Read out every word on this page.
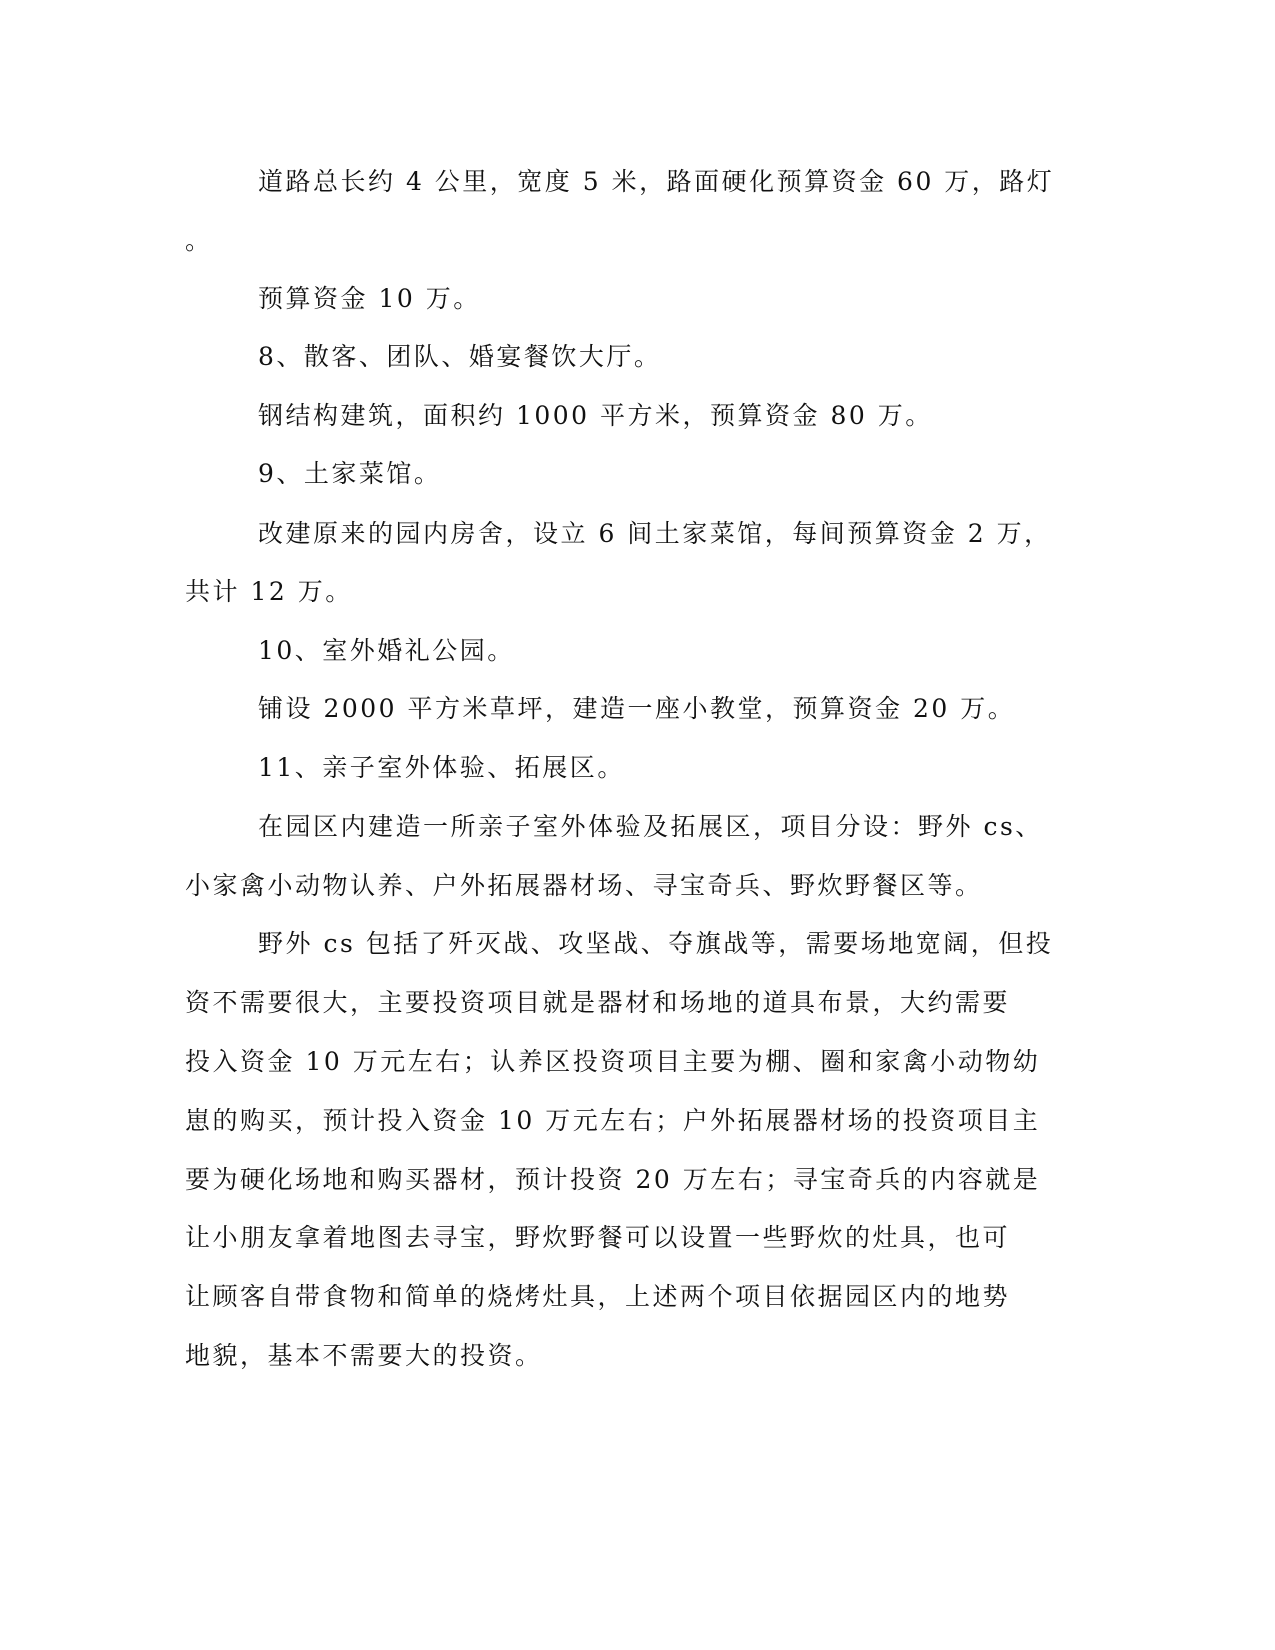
道路总长约 4 公里，宽度 5 米，路面硬化预算资金 60 万，路灯
。
预算资金 10 万。
8、散客、团队、婚宴餐饮大厅。
钢结构建筑，面积约 1000 平方米，预算资金 80 万。
9、土家菜馆。
改建原来的园内房舍，设立 6 间土家菜馆，每间预算资金 2 万，
共计 12 万。
10、室外婚礼公园。
铺设 2000 平方米草坪，建造一座小教堂，预算资金 20 万。
11、亲子室外体验、拓展区。
在园区内建造一所亲子室外体验及拓展区，项目分设：野外 cs、
小家禽小动物认养、户外拓展器材场、寻宝奇兵、野炊野餐区等。
野外 cs 包括了歼灭战、攻坚战、夺旗战等，需要场地宽阔，但投
资不需要很大，主要投资项目就是器材和场地的道具布景，大约需要
投入资金 10 万元左右；认养区投资项目主要为棚、圈和家禽小动物幼
崽的购买，预计投入资金 10 万元左右；户外拓展器材场的投资项目主
要为硬化场地和购买器材，预计投资 20 万左右；寻宝奇兵的内容就是
让小朋友拿着地图去寻宝，野炊野餐可以设置一些野炊的灶具，也可
让顾客自带食物和简单的烧烤灶具，上述两个项目依据园区内的地势
地貌，基本不需要大的投资。
